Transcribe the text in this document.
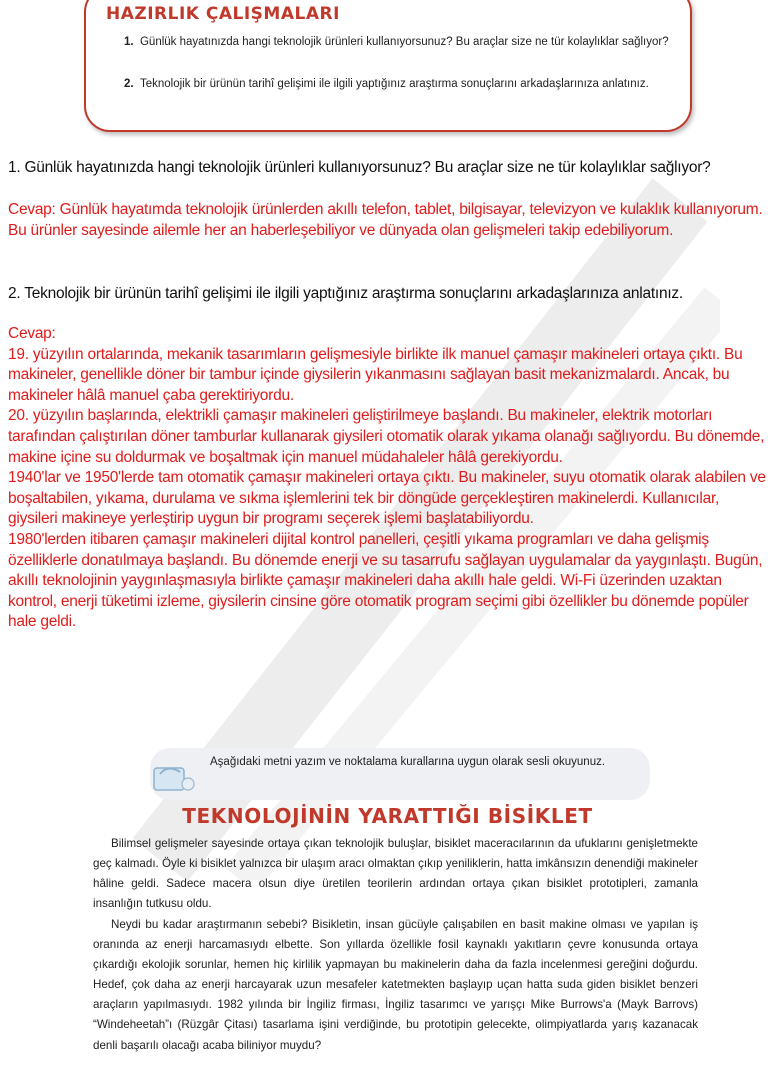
HAZIRLIK ÇALIŞMALARI
1. Günlük hayatınızda hangi teknolojik ürünleri kullanıyorsunuz? Bu araçlar size ne tür kolaylıklar sağlıyor?
2. Teknolojik bir ürünün tarihî gelişimi ile ilgili yaptığınız araştırma sonuçlarını arkadaşlarınıza anlatınız.
1. Günlük hayatınızda hangi teknolojik ürünleri kullanıyorsunuz? Bu araçlar size ne tür kolaylıklar sağlıyor?
Cevap: Günlük hayatımda teknolojik ürünlerden akıllı telefon, tablet, bilgisayar, televizyon ve kulaklık kullanıyorum. Bu ürünler sayesinde ailemle her an haberleşebiliyor ve dünyada olan gelişmeleri takip edebiliyorum.
2. Teknolojik bir ürünün tarihî gelişimi ile ilgili yaptığınız araştırma sonuçlarını arkadaşlarınıza anlatınız.
Cevap:
19. yüzyılın ortalarında, mekanik tasarımların gelişmesiyle birlikte ilk manuel çamaşır makineleri ortaya çıktı. Bu makineler, genellikle döner bir tambur içinde giysilerin yıkanmasını sağlayan basit mekanizmalardı. Ancak, bu makineler hâlâ manuel çaba gerektiriyordu.
20. yüzyılın başlarında, elektrikli çamaşır makineleri geliştirilmeye başlandı. Bu makineler, elektrik motorları tarafından çalıştırılan döner tamburlar kullanarak giysileri otomatik olarak yıkama olanağı sağlıyordu. Bu dönemde, makine içine su doldurmak ve boşaltmak için manuel müdahaleler hâlâ gerekiyordu.
1940'lar ve 1950'lerde tam otomatik çamaşır makineleri ortaya çıktı. Bu makineler, suyu otomatik olarak alabilen ve boşaltabilen, yıkama, durulama ve sıkma işlemlerini tek bir döngüde gerçekleştiren makinelerdi. Kullanıcılar, giysileri makineye yerleştirip uygun bir programı seçerek işlemi başlatabiliyordu.
1980'lerden itibaren çamaşır makineleri dijital kontrol panelleri, çeşitli yıkama programları ve daha gelişmiş özelliklerle donatılmaya başlandı. Bu dönemde enerji ve su tasarrufu sağlayan uygulamalar da yaygınlaştı. Bugün, akıllı teknolojinin yaygınlaşmasıyla birlikte çamaşır makineleri daha akıllı hale geldi. Wi-Fi üzerinden uzaktan kontrol, enerji tüketimi izleme, giysilerin cinsine göre otomatik program seçimi gibi özellikler bu dönemde popüler hale geldi.
Aşağıdaki metni yazım ve noktalama kurallarına uygun olarak sesli okuyunuz.
TEKNOLOJİNİN YARATTIĞI BİSİKLET
Bilimsel gelişmeler sayesinde ortaya çıkan teknolojik buluşlar, bisiklet maceracılarının da ufuklarını genişletmekte geç kalmadı. Öyle ki bisiklet yalnızca bir ulaşım aracı olmaktan çıkıp yeniliklerin, hatta imkânsızın denendiği makineler hâline geldi. Sadece macera olsun diye üretilen teorilerin ardından ortaya çıkan bisiklet prototipleri, zamanla insanlığın tutkusu oldu.
Neydi bu kadar araştırmanın sebebi? Bisikletin, insan gücüyle çalışabilen en basit makine olması ve yapılan iş oranında az enerji harcamasıydı elbette. Son yıllarda özellikle fosil kaynaklı yakıtların çevre konusunda ortaya çıkardığı ekolojik sorunlar, hemen hiç kirlilik yapmayan bu makinelerin daha da fazla incelenmesi gereğini doğurdu. Hedef, çok daha az enerji harcayarak uzun mesafeler katetmekten başlayıp uçan hatta suda giden bisiklet benzeri araçların yapılmasıydı. 1982 yılında bir İngiliz firması, İngiliz tasarımcı ve yarışçı Mike Burrows'a (Mayk Barrovs) “Windeheetah”ı (Rüzgâr Çitası) tasarlama işini verdiğinde, bu prototipin gelecekte, olimpiyatlarda yarış kazanacak denli başarılı olacağı acaba biliniyor muydu?
